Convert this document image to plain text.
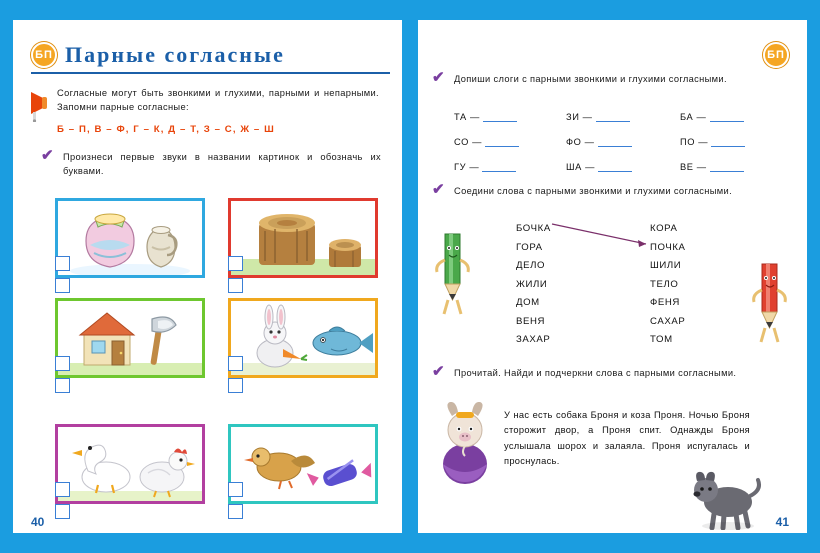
БП Парные согласные
Согласные могут быть звонкими и глухими, парными и непарными. Запомни парные согласные:
Б – П, В – Ф, Г – К, Д – Т, З – С, Ж – Ш
✔ Произнеси первые звуки в названии картинок и обозначь их буквами.
40
БП
✔ Допиши слоги с парными звонкими и глухими согласными.
ТА —	ЗИ —	БА —
СО —	ФО —	ПО —
ГУ —	ША —	ВЕ —
✔ Соедини слова с парными звонкими и глухими согласными.
БОЧКА
ГОРА
ДЕЛО
ЖИЛИ
ДОМ
ВЕНЯ
ЗАХАР
КОРА
ПОЧКА
ШИЛИ
ТЕЛО
ФЕНЯ
САХАР
ТОМ
✔ Прочитай. Найди и подчеркни слова с парными согласными.
У нас есть собака Броня и коза Проня. Ночью Броня сторожит двор, а Проня спит. Однажды Броня услышала шорох и залаяла. Проня испугалась и проснулась.
41
